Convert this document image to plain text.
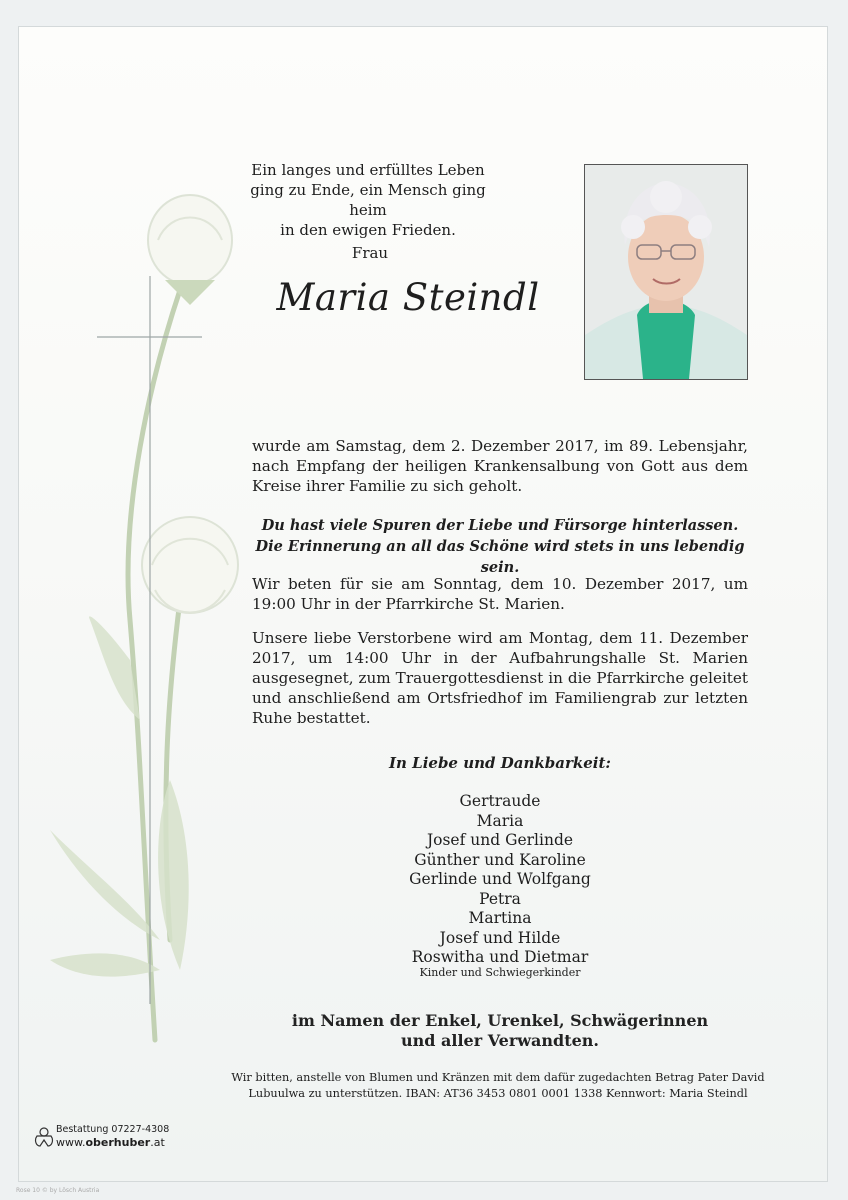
Ein langes und erfülltes Leben
ging zu Ende, ein Mensch ging heim
in den ewigen Frieden.
Frau
Maria Steindl
wurde am Samstag, dem 2. Dezember 2017, im 89. Lebensjahr, nach Empfang der heiligen Krankensalbung von Gott aus dem Kreise ihrer Familie zu sich geholt.
Du hast viele Spuren der Liebe und Fürsorge hinterlassen.
Die Erinnerung an all das Schöne wird stets in uns lebendig sein.
Wir beten für sie am Sonntag, dem 10. Dezember 2017, um 19:00 Uhr in der Pfarrkirche St. Marien.
Unsere liebe Verstorbene wird am Montag, dem 11. Dezember 2017, um 14:00 Uhr in der Aufbahrungshalle St. Marien ausgesegnet, zum Trauergottesdienst in die Pfarrkirche geleitet und anschließend am Ortsfriedhof im Familiengrab zur letzten Ruhe bestattet.
In Liebe und Dankbarkeit:
Gertraude
Maria
Josef und Gerlinde
Günther und Karoline
Gerlinde und Wolfgang
Petra
Martina
Josef und Hilde
Roswitha und Dietmar
Kinder und Schwiegerkinder
im Namen der Enkel, Urenkel, Schwägerinnen
und aller Verwandten.
Wir bitten, anstelle von Blumen und Kränzen mit dem dafür zugedachten Betrag Pater David
Lubuulwa zu unterstützen. IBAN: AT36 3453 0801 0001 1338 Kennwort: Maria Steindl
Bestattung 07227-4308
www.oberhuber.at
Rose 10 © by Lösch Austria
